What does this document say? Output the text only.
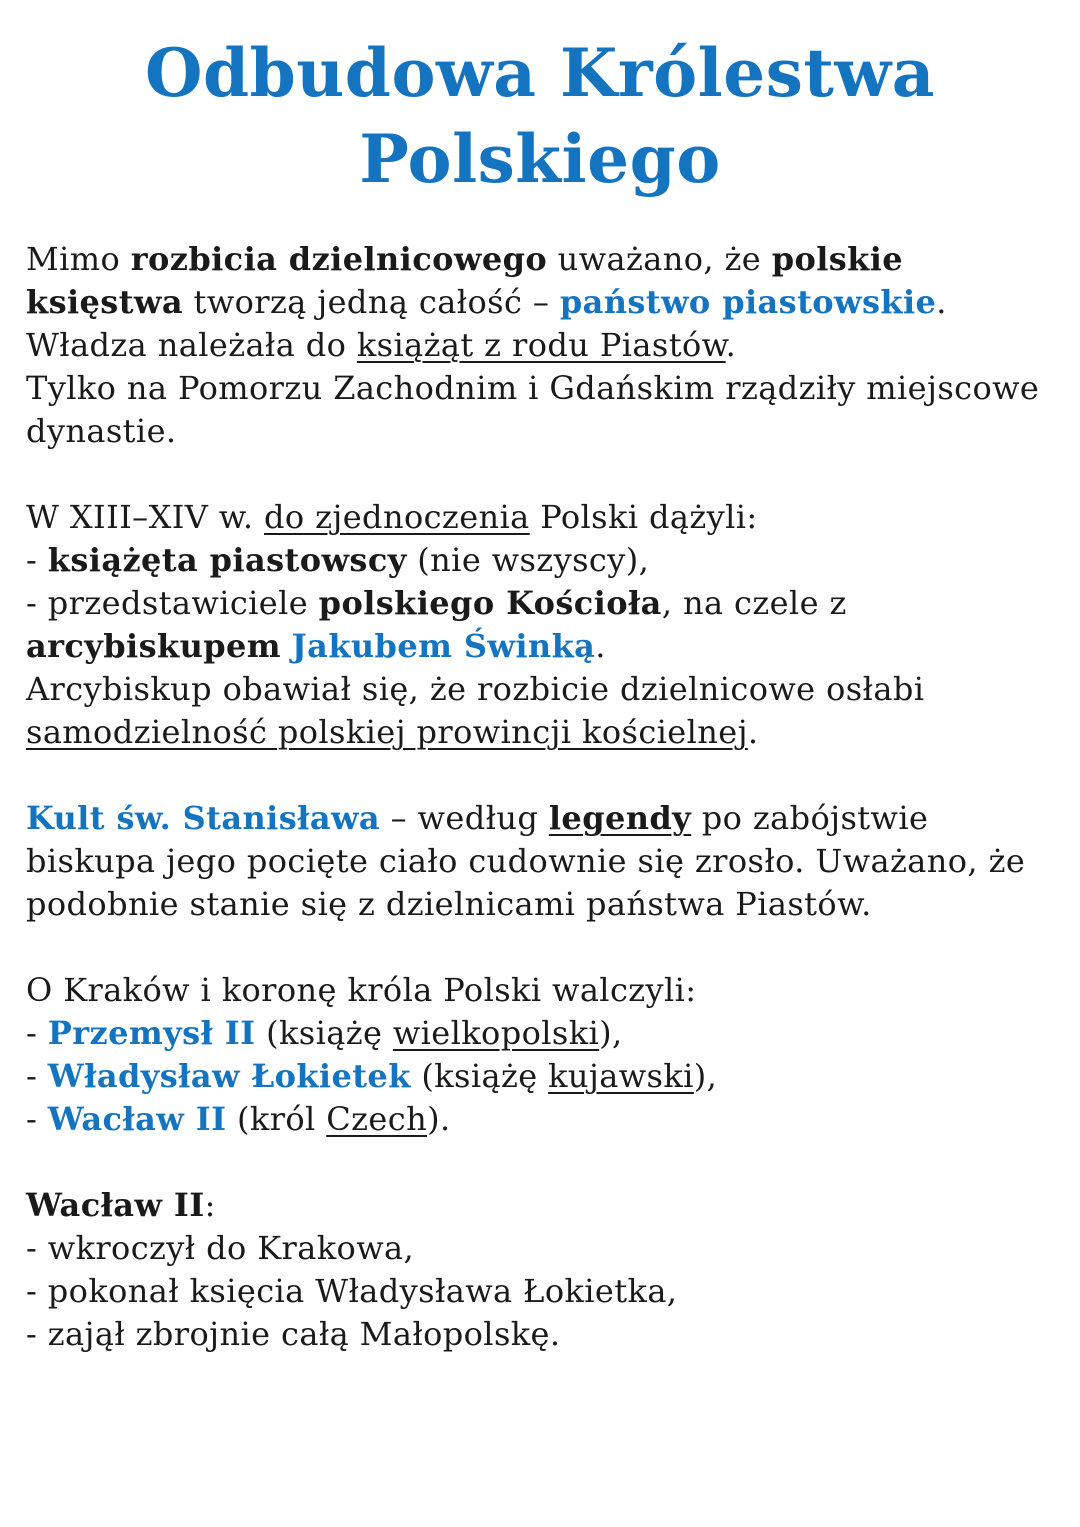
Odbudowa Królestwa
Polskiego

Mimo rozbicia dzielnicowego uważano, że polskie księstwa tworzą jedną całość – państwo piastowskie.
Władza należała do książąt z rodu Piastów.
Tylko na Pomorzu Zachodnim i Gdańskim rządziły miejscowe dynastie.

W XIII–XIV w. do zjednoczenia Polski dążyli:
- książęta piastowscy (nie wszyscy),
- przedstawiciele polskiego Kościoła, na czele z
arcybiskupem Jakubem Świnką.
Arcybiskup obawiał się, że rozbicie dzielnicowe osłabi samodzielność polskiej prowincji kościelnej.

Kult św. Stanisława – według legendy po zabójstwie biskupa jego pocięte ciało cudownie się zrosło. Uważano, że podobnie stanie się z dzielnicami państwa Piastów.

O Kraków i koronę króla Polski walczyli:
- Przemysł II (książę wielkopolski),
- Władysław Łokietek (książę kujawski),
- Wacław II (król Czech).

Wacław II:
- wkroczył do Krakowa,
- pokonał księcia Władysława Łokietka,
- zajął zbrojnie całą Małopolskę.
